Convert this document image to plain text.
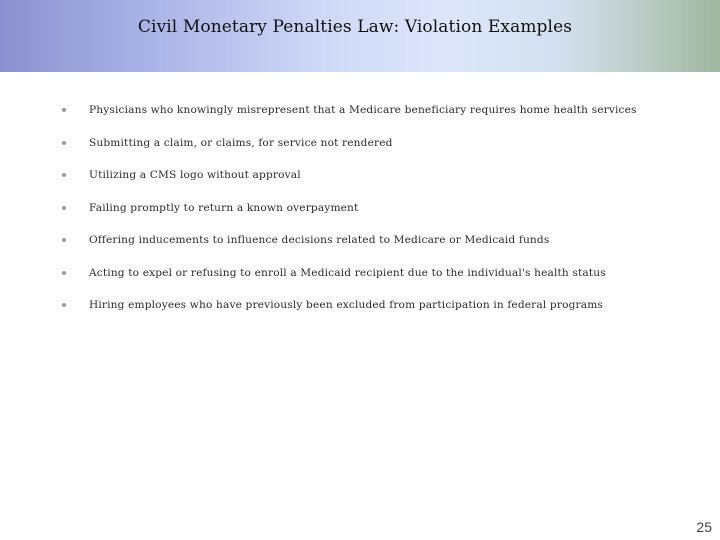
Civil Monetary Penalties Law: Violation Examples
Physicians who knowingly misrepresent that a Medicare beneficiary requires home health services
Submitting a claim, or claims, for service not rendered
Utilizing a CMS logo without approval
Failing promptly to return a known overpayment
Offering inducements to influence decisions related to Medicare or Medicaid funds
Acting to expel or refusing to enroll a Medicaid recipient due to the individual's health status
Hiring employees who have previously been excluded from participation in federal programs
25
